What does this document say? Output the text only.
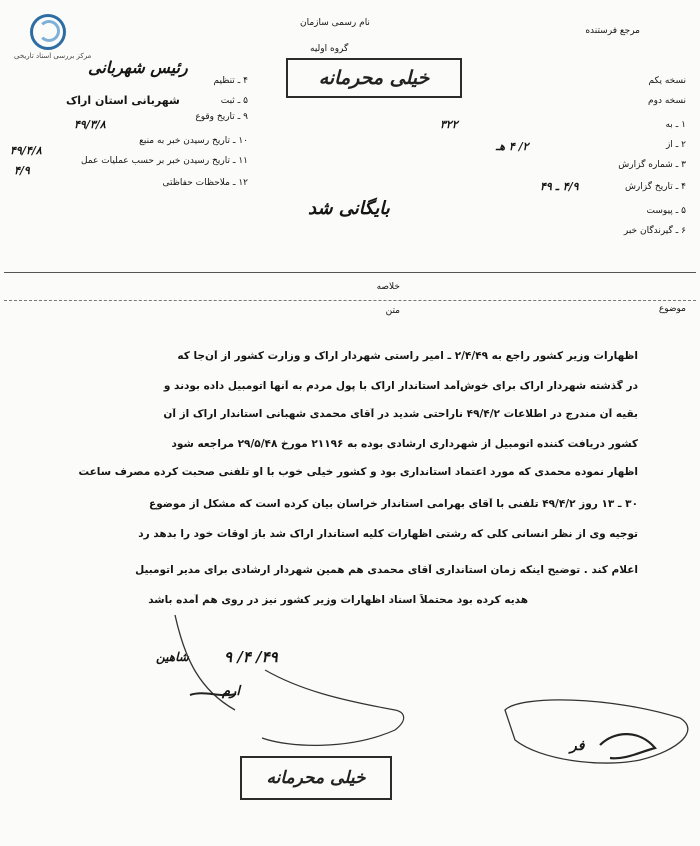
مرکز بررسی اسناد تاریخی
مرجع فرستنده
نام رسمی سازمان
گروه اولیه
خیلی محرمانه
رئیس شهربانی
۴ ـ تنظیم
۵ ـ ثبت
شهربانی استان اراک
۹ ـ تاریخ وقوع
۴۹/۳/۸
۱۰ ـ تاریخ رسیدن خبر به منبع
۴۹/۴/۸
۱۱ ـ تاریخ رسیدن خبر بر حسب عملیات عمل
۴/۹
۱۲ ـ ملاحظات حفاظتی
نسخه یکم
نسخه دوم
۱ ـ به
۳۲۲
۲ ـ از
۲/ ۴ هـ
۳ ـ شماره گزارش
۴ ـ تاریخ گزارش
۴/۹ ـ ۴۹
۵ ـ پیوست
۶ ـ گیرندگان خبر
بایگانی شد
خلاصه
متن	موضوع
اظهارات وزیر کشور راجع به ۲/۴/۴۹ ـ امیر راستی شهردار اراک و وزارت کشور از آن‌جا که
در گذشته شهردار اراک برای خوش‌آمد استاندار اراک با پول مردم به آنها اتومبیل داده بودند و
بقیه آن مندرج در اطلاعات ۴۹/۴/۲ ناراحتی شدید در آقای محمدی شهبانی استاندار اراک از آن
کشور دریافت کننده اتومبیل از شهرداری ارشادی بوده به ۲۱۱۹۶ مورخ ۲۹/۵/۴۸ مراجعه شود
اظهار نموده محمدی که مورد اعتماد استانداری بود و کشور خیلی خوب با او تلفنی صحبت کرده مصرف ساعت
۳۰ ـ ۱۳ روز ۴۹/۴/۲ تلفنی با آقای بهرامی استاندار خراسان بیان کرده است که مشکل از موضوع
توجیه وی از نظر انسانی کلی که رشتی اظهارات کلیه استاندار اراک شد باز اوقات خود را بدهد رد
اعلام کند . توضیح اینکه زمان استانداری آقای محمدی هم همین شهردار ارشادی برای مدیر اتومبیل
هدیه کرده بود محتملاً اسناد اظهارات وزیر کشور نیز در روی هم آمده باشد
۴۹/ ۴/ ۹
شاهین
ارم
فر
خیلی محرمانه
